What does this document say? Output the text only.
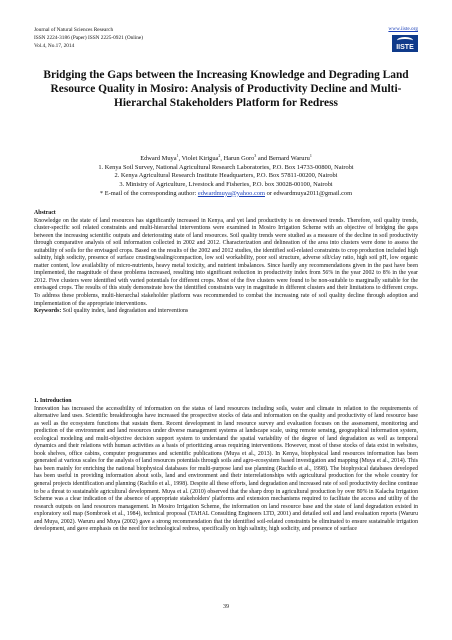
Journal of Natural Sciences Research
ISSN 2224-3186 (Paper) ISSN 2225-0921 (Online)
Vol.4, No.17, 2014
www.iiste.org
IISTE
Bridging the Gaps between the Increasing Knowledge and Degrading Land Resource Quality in Mosiro: Analysis of Productivity Decline and Multi-Hierarchal Stakeholders Platform for Redress
Edward Muya$^1$, Violet Kirigua$^2$, Harun Goro$^3$ and Bernard Waruru$^1$
1. Kenya Soil Survey, National Agricultural Research Laboratories, P.O. Box 14733-00800, Nairobi
2. Kenya Agricultural Research Institute Headquarters, P.O. Box 57811-00200, Nairobi
3. Ministry of Agriculture, Livestock and Fisheries, P.O. box 30028-00100, Nairobi
* E-mail of the corresponding author: edwardmuya@yahoo.com or edwardmuya2011@gmail.com
Abstract

Knowledge on the state of land resources has significantly increased in Kenya, and yet land productivity is on downward trends. Therefore, soil quality trends, cluster-specific soil related constraints and multi-hierarchal interventions were examined in Mosiro Irrigation Scheme with an objective of bridging the gaps between the increasing scientific outputs and deteriorating state of land resources. Soil quality trends were studied as a measure of the decline in soil productivity through comparative analysis of soil information collected in 2002 and 2012. Characterization and delineation of the area into clusters were done to assess the suitability of soils for the envisaged crops. Based on the results of the 2002 and 2012 studies, the identified soil-related constraints to crop production included high salinity, high sodicity, presence of surface crusting/sealing/compaction, low soil workability, poor soil structure, adverse silt/clay ratio, high soil pH, low organic matter content, low availability of micro-nutrients, heavy metal toxicity, and nutrient imbalances. Since hardly any recommendations given in the past have been implemented, the magnitude of these problems increased, resulting into significant reduction in productivity index from 56% in the year 2002 to 8% in the year 2012. Five clusters were identified with varied potentials for different crops. Most of the five clusters were found to be non-suitable to marginally suitable for the envisaged crops. The results of this study demonstrate how the identified constraints vary in magnitude in different clusters and their limitations to different crops. To address these problems, multi-hierarchal stakeholder platform was recommended to combat the increasing rate of soil quality decline through adoption and implementation of the appropriate interventions.

Keywords: Soil quality index, land degradation and interventions

1. Introduction

Innovation has increased the accessibility of information on the status of land resources including soils, water and climate in relation to the requirements of alternative land uses. Scientific breakthroughs have increased the prospective stocks of data and information on the quality and productivity of land resource base as well as the ecosystem functions that sustain them. Recent development in land resource survey and evaluation focuses on the assessment, monitoring and prediction of the environment and land resources under diverse management systems at landscape scale, using remote sensing, geographical information system, ecological modeling and multi-objective decision support system to understand the spatial variability of the degree of land degradation as well as temporal dynamics and their relations with human activities as a basis of prioritizing areas requiring interventions. However, most of these stocks of data exist in websites, book shelves, office cabins, computer programmes and scientific publications (Muya et al., 2013). In Kenya, biophysical land resources information has been generated at various scales for the analysis of land resources potentials through soils and agro-ecosystem based investigation and mapping (Muya et al., 2014). This has been mainly for enriching the national biophysical databases for multi-purpose land use planning (Rachilo et al., 1998). The biophysical databases developed has been useful in providing information about soils, land and environment and their interrelationships with agricultural production for the whole country for general projects identification and planning (Rachilo et al., 1998). Despite all these efforts, land degradation and increased rate of soil productivity decline continue to be a threat to sustainable agricultural development. Muya et al. (2010) observed that the sharp drop in agricultural production by over 80% in Kalacha Irrigation Scheme was a clear indication of the absence of appropriate stakeholders' platforms and extension mechanisms required to facilitate the access and utility of the research outputs on land resources management. In Mosiro Irrigation Scheme, the information on land resource base and the state of land degradation existed in exploratory soil map (Sombroek et al., 1984), technical proposal (TAHAL Consulting Engineers LTD, 2001) and detailed soil and land evaluation reports (Waruru and Muya, 2002). Waruru and Muya (2002) gave a strong recommendation that the identified soil-related constraints be eliminated to ensure sustainable irrigation development, and gave emphasis on the need for technological redress, specifically on high salinity, high sodicity, and presence of surface

39
